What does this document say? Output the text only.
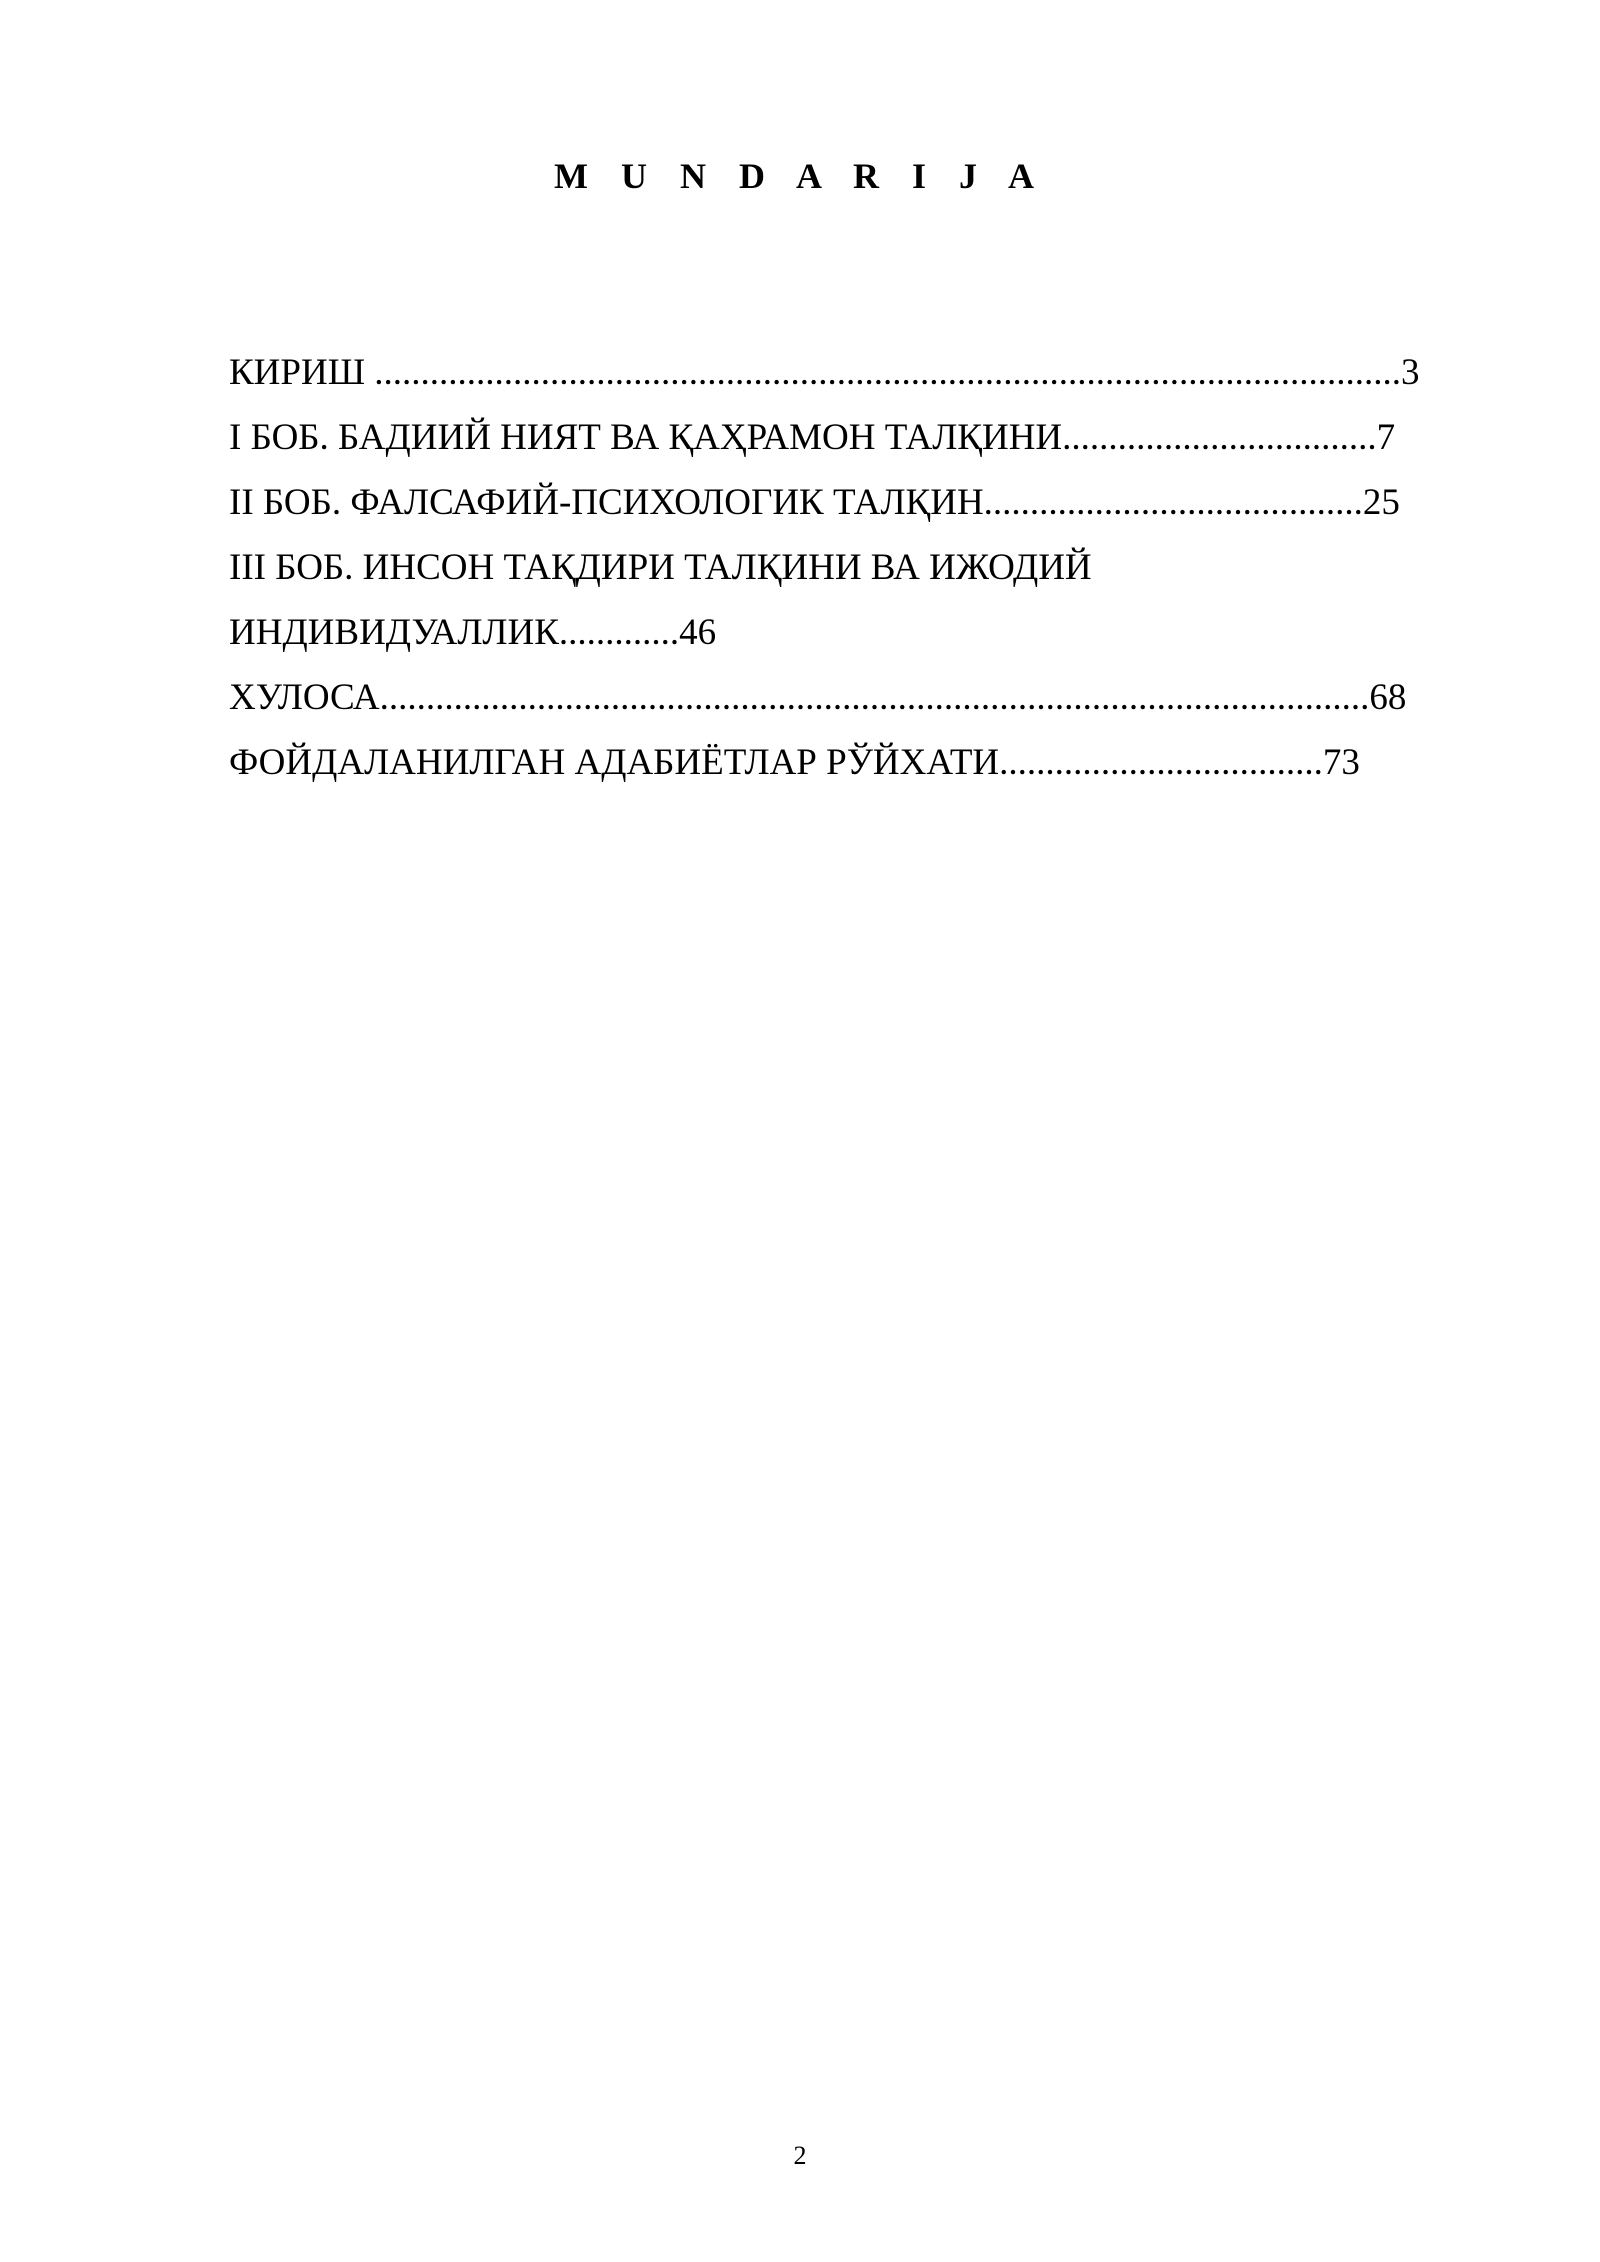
M U N D A R I J A
КИРИШ ...............................................................................................................3
I БОБ. БАДИИЙ НИЯТ ВА ҚАҲРАМОН ТАЛҚИНИ..................................7
II БОБ. ФАЛСАФИЙ-ПСИХОЛОГИК ТАЛҚИН.........................................25
III БОБ. ИНСОН ТАҚДИРИ ТАЛҚИНИ ВА ИЖОДИЙ
ИНДИВИДУАЛЛИК.............46
ХУЛОСА...........................................................................................................68
ФОЙДАЛАНИЛГАН АДАБИЁТЛАР РЎЙХАТИ...................................73
2
